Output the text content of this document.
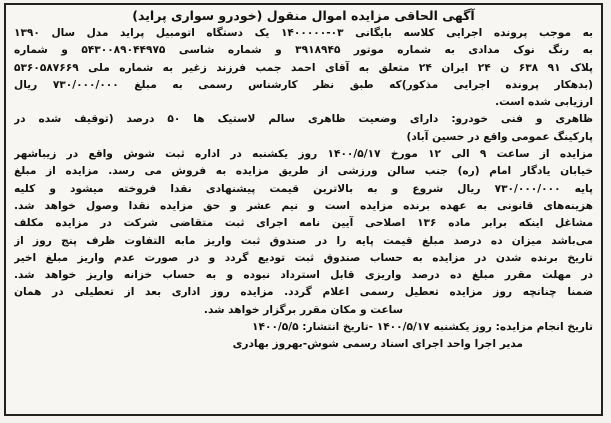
آگهی الحاقی مزایده اموال منقول (خودرو سواری پراید)
به موجب پرونده اجرایی کلاسه بایگانی ۰۳-۱۴۰۰۰۰۰ یک دستگاه اتومبیل پراید مدل سال ۱۳۹۰
به رنگ نوک مدادی به شماره موتور ۳۹۱۸۹۴۵ و شماره شاسی ۵۴۳۰۰۸۹۰۴۴۹۷۵ و شماره
پلاک ۹۱ ۶۳۸ ن ۲۴ ایران ۲۴ متعلق به آقای احمد جمب فرزند زغیر به شماره ملی ۵۳۶۰۵۸۷۶۶۹
(بدهکار پرونده اجرایی مذکور)که طبق نظر کارشناس رسمی به مبلغ ۷۳۰/۰۰۰/۰۰۰ ریال
ارزیابی شده است.
ظاهری و فنی خودرو: دارای وضعیت ظاهری سالم لاستیک ها ۵۰ درصد (توقیف شده در
پارکینگ عمومی واقع در حسین آباد)
مزایده از ساعت ۹ الی ۱۲ مورخ ۱۴۰۰/۵/۱۷ روز یکشنبه در اداره ثبت شوش واقع در زیباشهر
خیابان یادگار امام (ره) جنب سالن ورزشی از طریق مزایده به فروش می رسد. مزایده از مبلغ
پایه ۷۳۰/۰۰۰/۰۰۰ ریال شروع و به بالاترین قیمت پیشنهادی نقدا فروخته میشود و کلیه
هزینه‌های قانونی به عهده برنده مزایده است و نیم عشر و حق مزایده نقدا وصول خواهد شد.
مشاغل اینکه برابر ماده ۱۳۶ اصلاحی آیین نامه اجرای ثبت متقاضی شرکت در مزایده مکلف
می‌باشد میزان ده درصد مبلغ قیمت پایه را در صندوق ثبت واریز مابه التفاوت ظرف پنج روز از
تاریخ برنده شدن در مزایده به حساب صندوق ثبت تودیع گردد و در صورت عدم واریز مبلغ اخیر
در مهلت مقرر مبلغ ده درصد واریزی قابل استرداد نبوده و به حساب خزانه واریز خواهد شد.
ضمنا چنانچه روز مزایده تعطیل رسمی اعلام گردد. مزایده روز اداری بعد از تعطیلی در همان
ساعت و مکان مقرر برگزار خواهد شد.
تاریخ انجام مزایده: روز یکشنبه ۱۴۰۰/۵/۱۷ -تاریخ انتشار: ۱۴۰۰/۵/۵
مدیر اجرا واحد اجرای اسناد رسمی شوش-بهروز بهادری
